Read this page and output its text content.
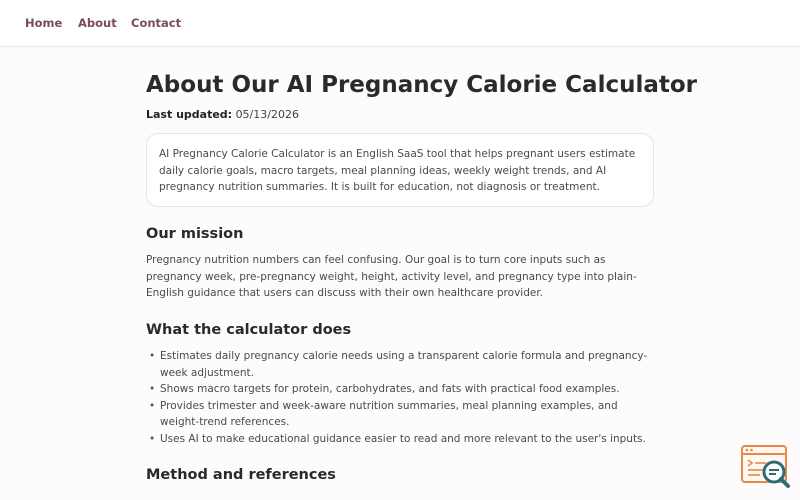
Home About Contact
About Our AI Pregnancy Calorie Calculator
Last updated: 05/13/2026
AI Pregnancy Calorie Calculator is an English SaaS tool that helps pregnant users estimate daily calorie goals, macro targets, meal planning ideas, weekly weight trends, and AI pregnancy nutrition summaries. It is built for education, not diagnosis or treatment.
Our mission

Pregnancy nutrition numbers can feel confusing. Our goal is to turn core inputs such as pregnancy week, pre-pregnancy weight, height, activity level, and pregnancy type into plain-English guidance that users can discuss with their own healthcare provider.

What the calculator does
• Estimates daily pregnancy calorie needs using a transparent calorie formula and pregnancy-week adjustment.
• Shows macro targets for protein, carbohydrates, and fats with practical food examples.
• Provides trimester and week-aware nutrition summaries, meal planning examples, and weight-trend references.
• Uses AI to make educational guidance easier to read and more relevant to the user's inputs.
Method and references
